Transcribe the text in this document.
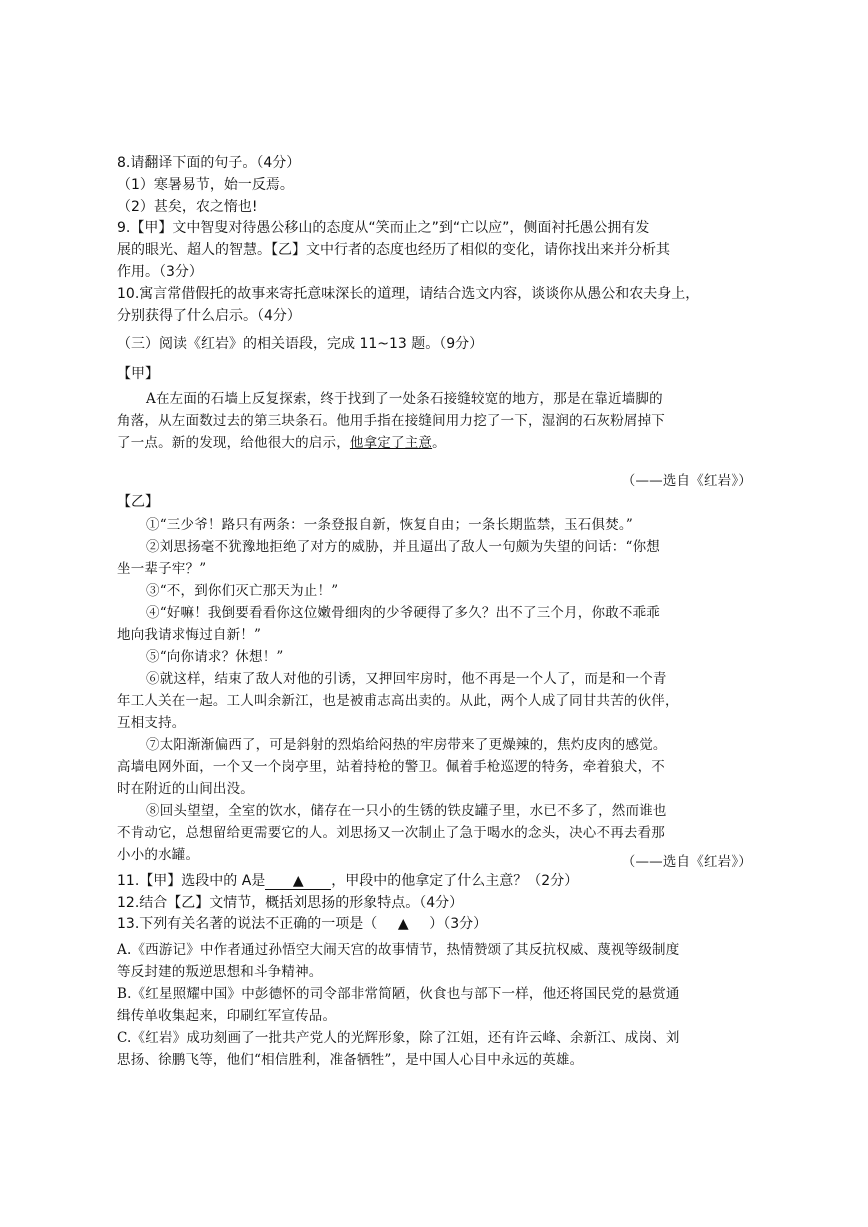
8.请翻译下面的句子。（4分）
（1）寒暑易节，始一反焉。
（2）甚矣，农之惰也!
9.【甲】文中智叟对待愚公移山的态度从“笑而止之”到“亡以应”，侧面衬托愚公拥有发
展的眼光、超人的智慧。【乙】文中行者的态度也经历了相似的变化，请你找出来并分析其
作用。（3分）
10.寓言常借假托的故事来寄托意味深长的道理，请结合选文内容，谈谈你从愚公和农夫身上，
分别获得了什么启示。（4分）
（三）阅读《红岩》的相关语段，完成 11~13 题。（9分）
【甲】
A在左面的石墙上反复探索，终于找到了一处条石接缝较宽的地方，那是在靠近墙脚的
角落，从左面数过去的第三块条石。他用手指在接缝间用力挖了一下，湿润的石灰粉屑掉下
了一点。新的发现，给他很大的启示，他拿定了主意。
（——选自《红岩》）
【乙】
①“三少爷！路只有两条：一条登报自新，恢复自由；一条长期监禁，玉石俱焚。”
②刘思扬毫不犹豫地拒绝了对方的威胁，并且逼出了敌人一句颇为失望的问话：“你想
坐一辈子牢？”
③“不，到你们灭亡那天为止！”
④“好嘛！我倒要看看你这位嫩骨细肉的少爷硬得了多久？出不了三个月，你敢不乖乖
地向我请求悔过自新！”
⑤“向你请求？休想！”
⑥就这样，结束了敌人对他的引诱，又押回牢房时，他不再是一个人了，而是和一个青
年工人关在一起。工人叫余新江，也是被甫志高出卖的。从此，两个人成了同甘共苦的伙伴，
互相支持。
⑦太阳渐渐偏西了，可是斜射的烈焰给闷热的牢房带来了更燥辣的，焦灼皮肉的感觉。
高墙电网外面，一个又一个岗亭里，站着持枪的警卫。佩着手枪巡逻的特务，牵着狼犬，不
时在附近的山间出没。
⑧回头望望，全室的饮水，储存在一只小的生锈的铁皮罐子里，水已不多了，然而谁也
不肯动它，总想留给更需要它的人。刘思扬又一次制止了急于喝水的念头，决心不再去看那
小小的水罐。	（——选自《红岩》）
11.【甲】选段中的 A是 ▲ ，甲段中的他拿定了什么主意？（2分）
12.结合【乙】文情节，概括刘思扬的形象特点。（4分）
13.下列有关名著的说法不正确的一项是（ ▲ ）（3分）
A.《西游记》中作者通过孙悟空大闹天宫的故事情节，热情赞颂了其反抗权威、蔑视等级制度
等反封建的叛逆思想和斗争精神。
B.《红星照耀中国》中彭德怀的司令部非常简陋，伙食也与部下一样，他还将国民党的悬赏通
缉传单收集起来，印刷红军宣传品。
C.《红岩》成功刻画了一批共产党人的光辉形象，除了江姐，还有许云峰、余新江、成岗、刘
思扬、徐鹏飞等，他们“相信胜利，准备牺牲”，是中国人心目中永远的英雄。
